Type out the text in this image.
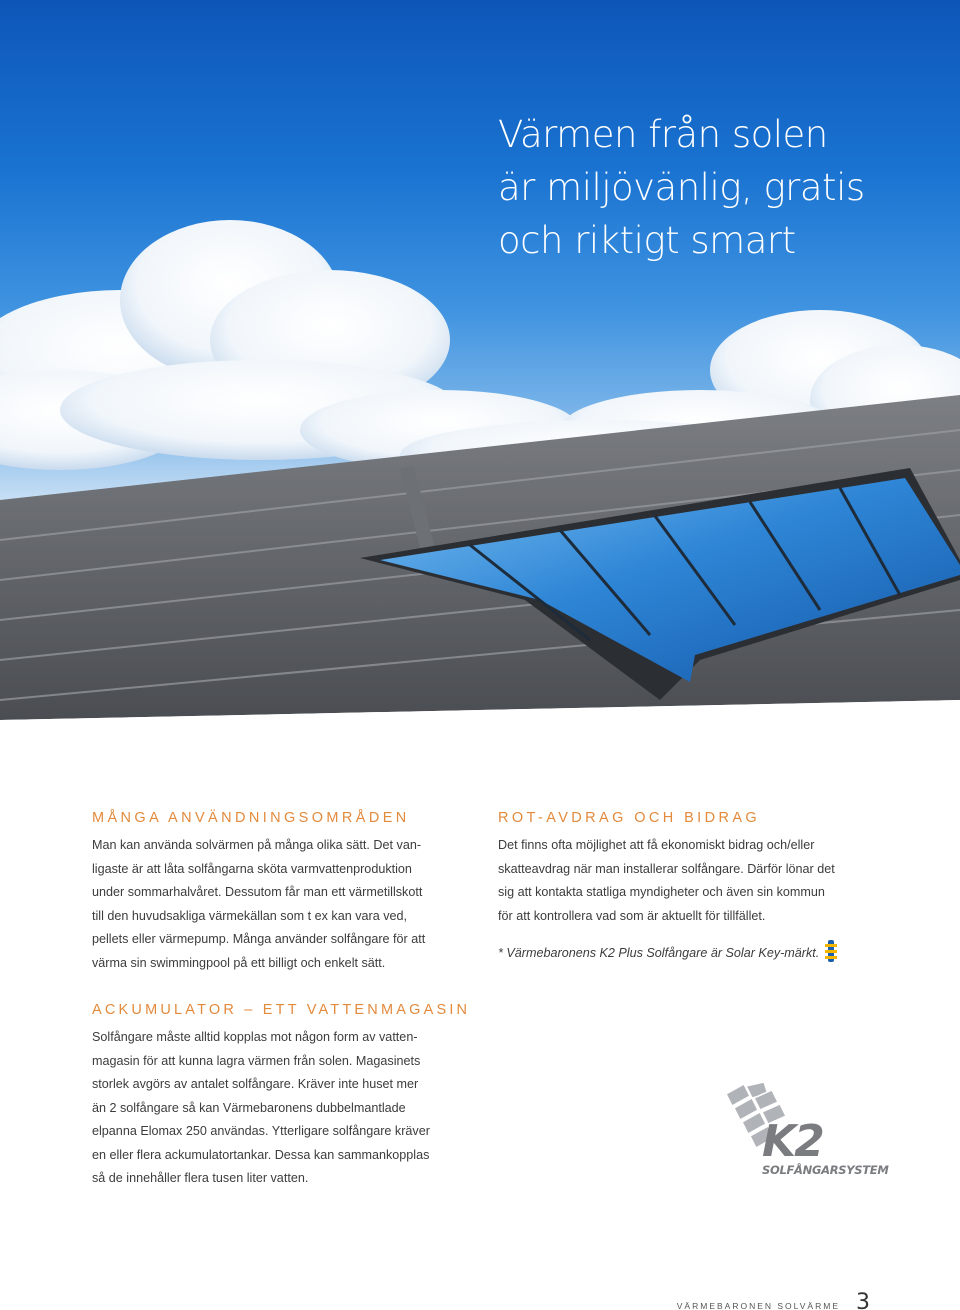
Värmen från solen
är miljövänlig, gratis
och riktigt smart
MÅNGA ANVÄNDNINGSOMRÅDEN
Man kan använda solvärmen på många olika sätt. Det van-
ligaste är att låta solfångarna sköta varmvattenproduktion
under sommarhalvåret. Dessutom får man ett värmetillskott
till den huvudsakliga värmekällan som t ex kan vara ved,
pellets eller värmepump. Många använder solfångare för att
värma sin swimmingpool på ett billigt och enkelt sätt.
ROT-AVDRAG OCH BIDRAG
Det finns ofta möjlighet att få ekonomiskt bidrag och/eller
skatteavdrag när man installerar solfångare. Därför lönar det
sig att kontakta statliga myndigheter och även sin kommun
för att kontrollera vad som är aktuellt för tillfället.
* Värmebaronens K2 Plus Solfångare är Solar Key-märkt.
ACKUMULATOR – ETT VATTENMAGASIN
Solfångare måste alltid kopplas mot någon form av vatten-
magasin för att kunna lagra värmen från solen. Magasinets
storlek avgörs av antalet solfångare. Kräver inte huset mer
än 2 solfångare så kan Värmebaronens dubbelmantlade
elpanna Elomax 250 användas. Ytterligare solfångare kräver
en eller flera ackumulatortankar. Dessa kan sammankopplas
så de innehåller flera tusen liter vatten.
K2
SOLFÅNGARSYSTEM
VÄRMEBARONEN SOLVÄRME 3
